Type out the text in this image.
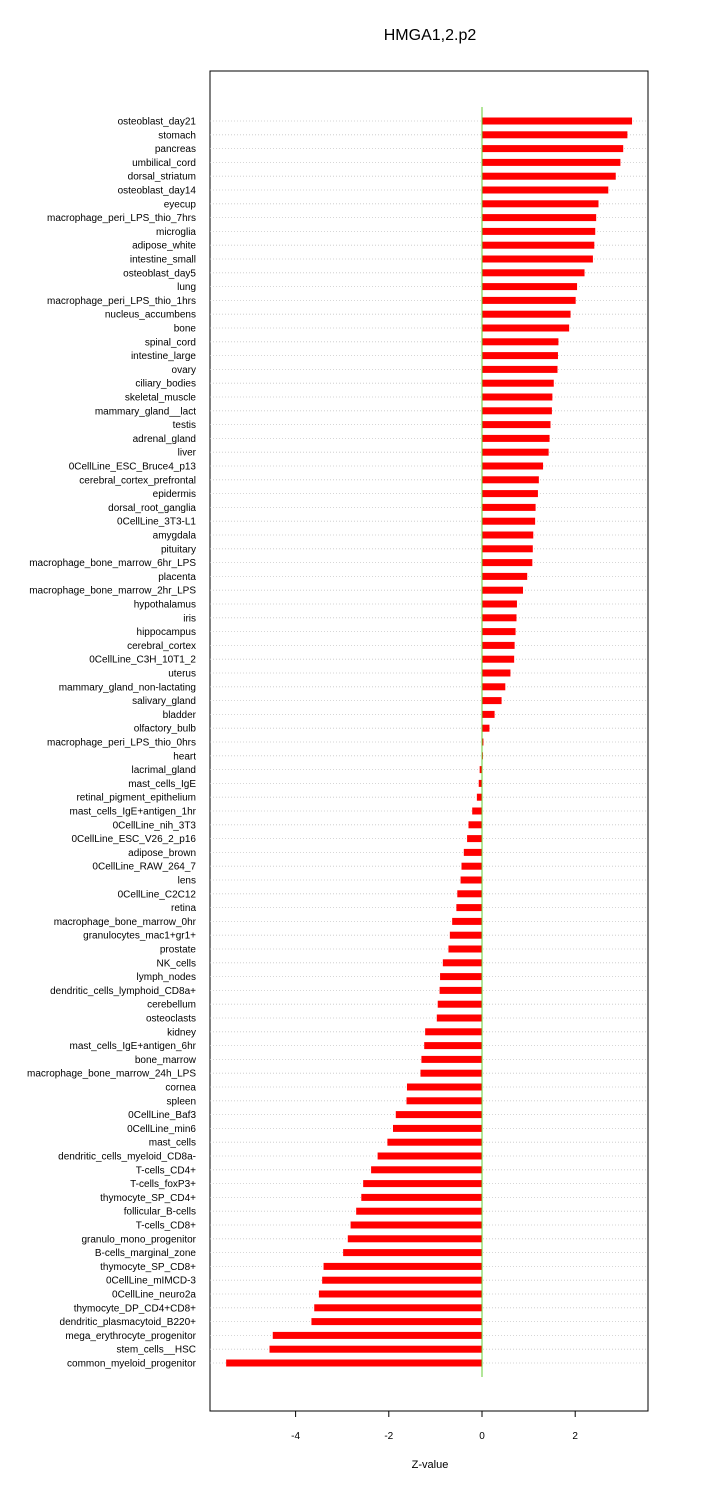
HMGA1,2.p2
osteoblast_day21
stomach
pancreas
umbilical_cord
dorsal_striatum
osteoblast_day14
eyecup
macrophage_peri_LPS_thio_7hrs
microglia
adipose_white
intestine_small
osteoblast_day5
lung
macrophage_peri_LPS_thio_1hrs
nucleus_accumbens
bone
spinal_cord
intestine_large
ovary
ciliary_bodies
skeletal_muscle
mammary_gland__lact
testis
adrenal_gland
liver
0CellLine_ESC_Bruce4_p13
cerebral_cortex_prefrontal
epidermis
dorsal_root_ganglia
0CellLine_3T3-L1
amygdala
pituitary
macrophage_bone_marrow_6hr_LPS
placenta
macrophage_bone_marrow_2hr_LPS
hypothalamus
iris
hippocampus
cerebral_cortex
0CellLine_C3H_10T1_2
uterus
mammary_gland_non-lactating
salivary_gland
bladder
olfactory_bulb
macrophage_peri_LPS_thio_0hrs
heart
lacrimal_gland
mast_cells_IgE
retinal_pigment_epithelium
mast_cells_IgE+antigen_1hr
0CellLine_nih_3T3
0CellLine_ESC_V26_2_p16
adipose_brown
0CellLine_RAW_264_7
lens
0CellLine_C2C12
retina
macrophage_bone_marrow_0hr
granulocytes_mac1+gr1+
prostate
NK_cells
lymph_nodes
dendritic_cells_lymphoid_CD8a+
cerebellum
osteoclasts
kidney
mast_cells_IgE+antigen_6hr
bone_marrow
macrophage_bone_marrow_24h_LPS
cornea
spleen
0CellLine_Baf3
0CellLine_min6
mast_cells
dendritic_cells_myeloid_CD8a-
T-cells_CD4+
T-cells_foxP3+
thymocyte_SP_CD4+
follicular_B-cells
T-cells_CD8+
granulo_mono_progenitor
B-cells_marginal_zone
thymocyte_SP_CD8+
0CellLine_mIMCD-3
0CellLine_neuro2a
thymocyte_DP_CD4+CD8+
dendritic_plasmacytoid_B220+
mega_erythrocyte_progenitor
stem_cells__HSC
common_myeloid_progenitor
-4	-2	0	2
Z-value
